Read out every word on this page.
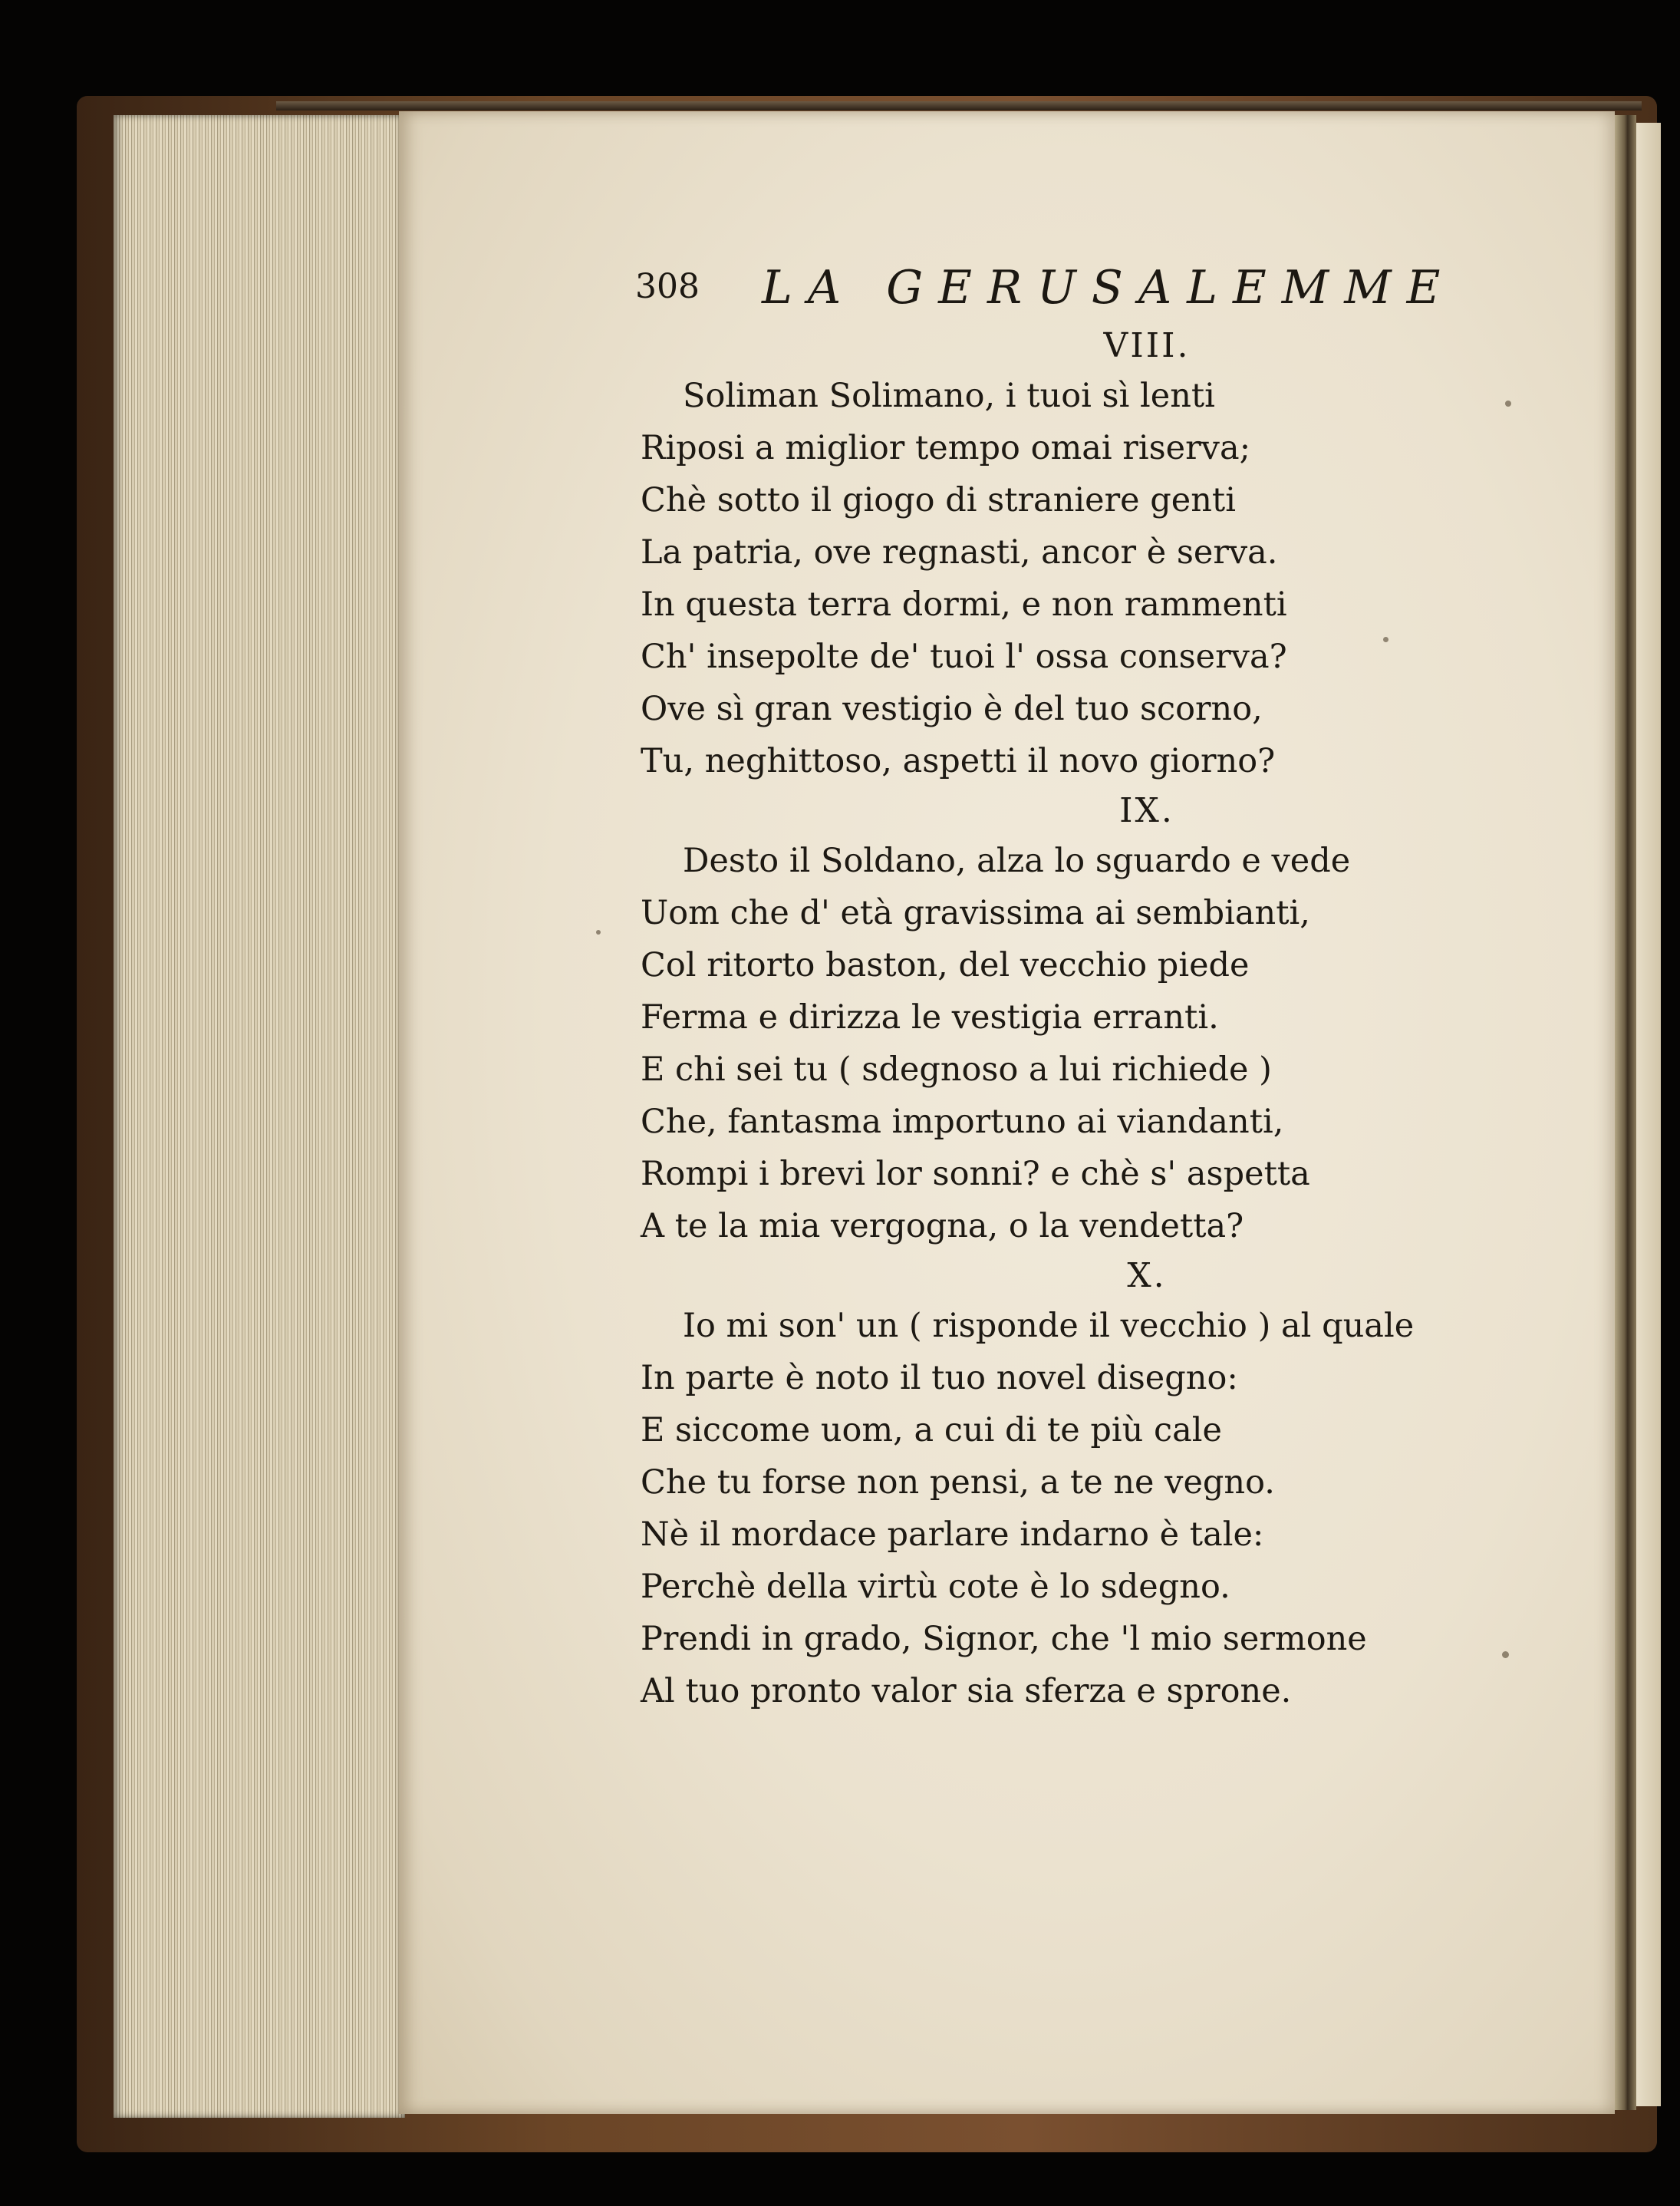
308 LA GERUSALEMME
VIII.
Soliman Solimano, i tuoi sì lenti
Riposi a miglior tempo omai riserva;
Chè sotto il giogo di straniere genti
La patria, ove regnasti, ancor è serva.
In questa terra dormi, e non rammenti
Ch' insepolte de' tuoi l' ossa conserva?
Ove sì gran vestigio è del tuo scorno,
Tu, neghittoso, aspetti il novo giorno?
IX.
Desto il Soldano, alza lo sguardo e vede
Uom che d' età gravissima ai sembianti,
Col ritorto baston, del vecchio piede
Ferma e dirizza le vestigia erranti.
E chi sei tu ( sdegnoso a lui richiede )
Che, fantasma importuno ai viandanti,
Rompi i brevi lor sonni? e chè s' aspetta
A te la mia vergogna, o la vendetta?
X.
Io mi son' un ( risponde il vecchio ) al quale
In parte è noto il tuo novel disegno:
E siccome uom, a cui di te più cale
Che tu forse non pensi, a te ne vegno.
Nè il mordace parlare indarno è tale:
Perchè della virtù cote è lo sdegno.
Prendi in grado, Signor, che 'l mio sermone
Al tuo pronto valor sia sferza e sprone.
